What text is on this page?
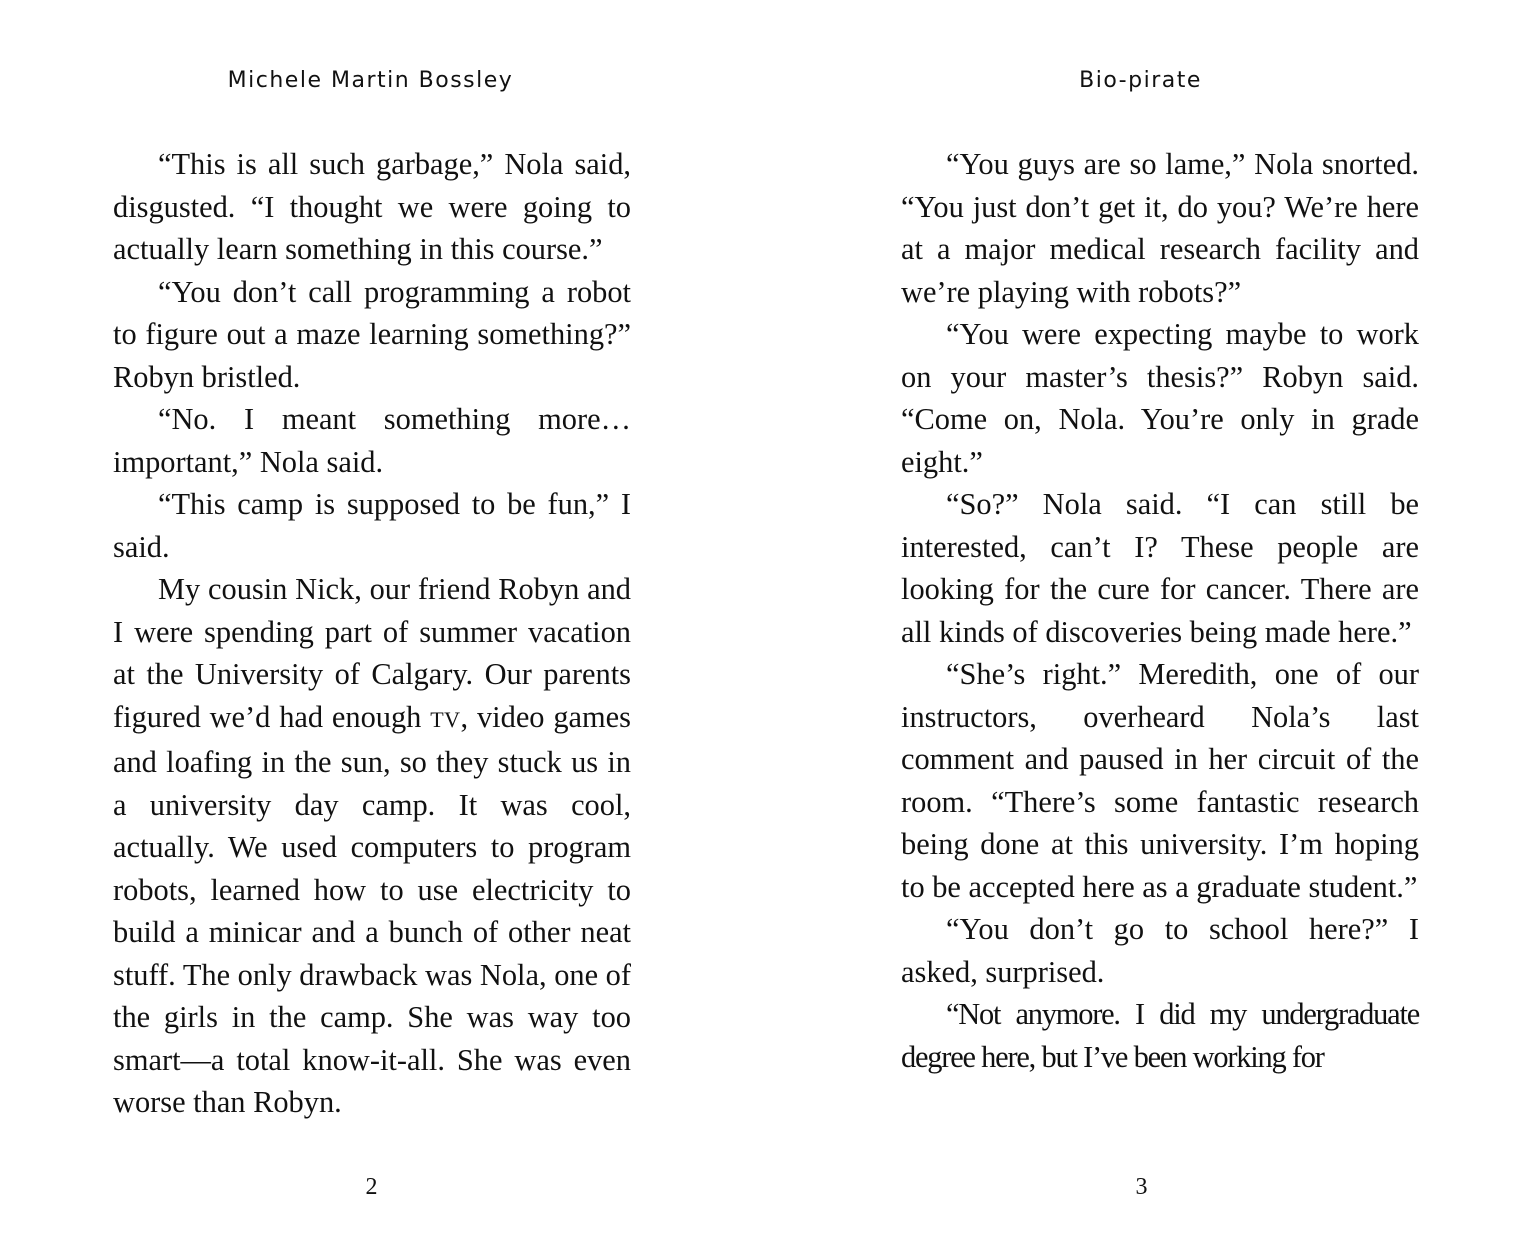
Michele Martin Bossley

“This is all such garbage,” Nola said, disgusted. “I thought we were going to actually learn something in this course.”

“You don’t call programming a robot to figure out a maze learning something?” Robyn bristled.

“No. I meant something more… important,” Nola said.

“This camp is supposed to be fun,” I said.

My cousin Nick, our friend Robyn and I were spending part of summer vacation at the University of Calgary. Our parents figured we’d had enough TV, video games and loafing in the sun, so they stuck us in a university day camp. It was cool, actually. We used computers to program robots, learned how to use electricity to build a minicar and a bunch of other neat stuff. The only drawback was Nola, one of the girls in the camp. She was way too smart—a total know-it-all. She was even worse than Robyn.

2
Bio-pirate

“You guys are so lame,” Nola snorted. “You just don’t get it, do you? We’re here at a major medical research facility and we’re playing with robots?”

“You were expecting maybe to work on your master’s thesis?” Robyn said. “Come on, Nola. You’re only in grade eight.”

“So?” Nola said. “I can still be interested, can’t I? These people are looking for the cure for cancer. There are all kinds of discoveries being made here.”

“She’s right.” Meredith, one of our instructors, overheard Nola’s last comment and paused in her circuit of the room. “There’s some fantastic research being done at this university. I’m hoping to be accepted here as a graduate student.”

“You don’t go to school here?” I asked, surprised.

“Not anymore. I did my undergraduate degree here, but I’ve been working for

3
